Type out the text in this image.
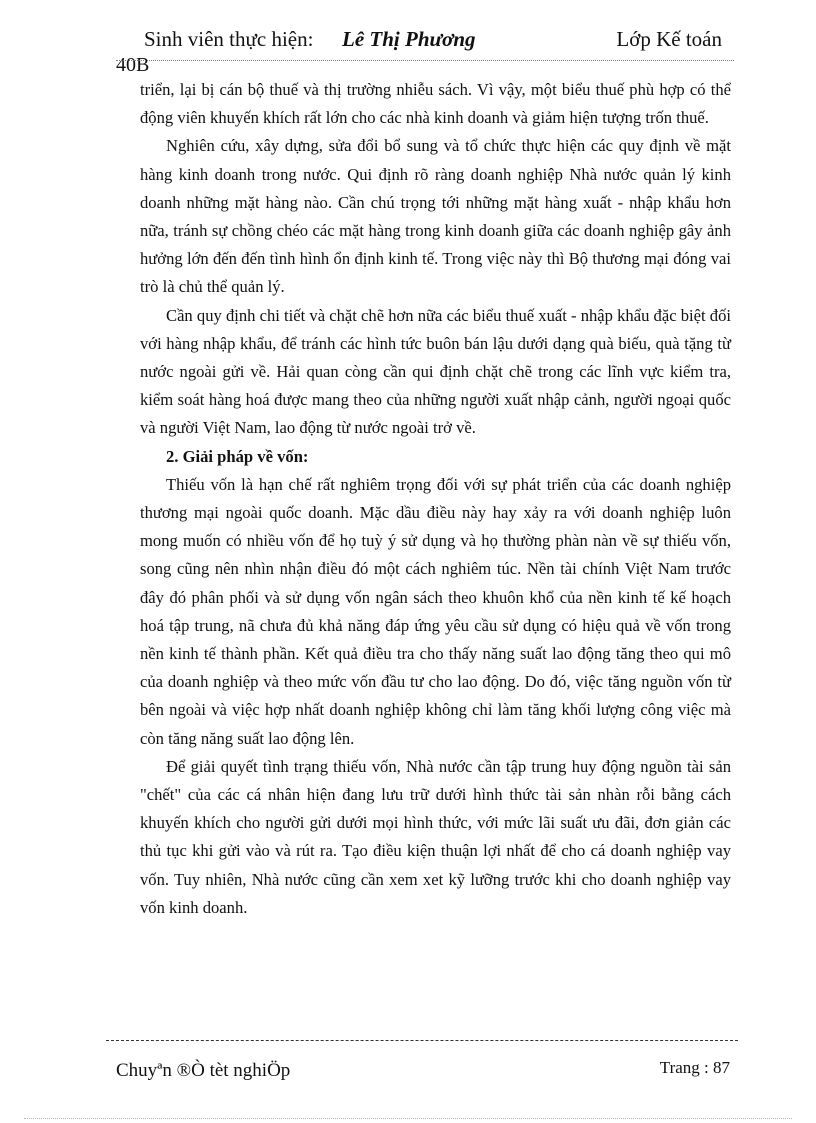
Sinh viên thực hiện: Lê Thị Phương	Lớp Kế toán
40B

triển, lại bị cán bộ thuế và thị trường nhiễu sách. Vì vậy, một biểu thuế phù hợp có thể động viên khuyến khích rất lớn cho các nhà kinh doanh và giảm hiện tượng trốn thuế.

Nghiên cứu, xây dựng, sửa đổi bổ sung và tổ chức thực hiện các quy định về mặt hàng kinh doanh trong nước. Qui định rõ ràng doanh nghiệp Nhà nước quản lý kinh doanh những mặt hàng nào. Cần chú trọng tới những mặt hàng xuất - nhập khẩu hơn nữa, tránh sự chồng chéo các mặt hàng trong kinh doanh giữa các doanh nghiệp gây ảnh hưởng lớn đến đến tình hình ổn định kinh tế. Trong việc này thì Bộ thương mại đóng vai trò là chủ thể quản lý.

Cần quy định chi tiết và chặt chẽ hơn nữa các biểu thuế xuất - nhập khẩu đặc biệt đối với hàng nhập khẩu, để tránh các hình tức buôn bán lậu dưới dạng quà biếu, quà tặng từ nước ngoài gửi về. Hải quan còng cần qui định chặt chẽ trong các lĩnh vực kiểm tra, kiểm soát hàng hoá được mang theo của những người xuất nhập cảnh, người ngoại quốc và người Việt Nam, lao động từ nước ngoài trở về.

2. Giải pháp về vốn:

Thiếu vốn là hạn chế rất nghiêm trọng đối với sự phát triển của các doanh nghiệp thương mại ngoài quốc doanh. Mặc dầu điều này hay xảy ra với doanh nghiệp luôn mong muốn có nhiều vốn để họ tuỳ ý sử dụng và họ thường phàn nàn về sự thiếu vốn, song cũng nên nhìn nhận điều đó một cách nghiêm túc. Nền tài chính Việt Nam trước đây đó phân phối và sử dụng vốn ngân sách theo khuôn khổ của nền kinh tế kế hoạch hoá tập trung, nã chưa đủ khả năng đáp ứng yêu cầu sử dụng có hiệu quả về vốn trong nền kinh tế thành phần. Kết quả điều tra cho thấy năng suất lao động tăng theo qui mô của doanh nghiệp và theo mức vốn đầu tư cho lao động. Do đó, việc tăng nguồn vốn từ bên ngoài và việc hợp nhất doanh nghiệp không chỉ làm tăng khối lượng công việc mà còn tăng năng suất lao động lên.

Để giải quyết tình trạng thiếu vốn, Nhà nước cần tập trung huy động nguồn tài sản "chết" của các cá nhân hiện đang lưu trữ dưới hình thức tài sản nhàn rỗi bằng cách khuyến khích cho người gửi dưới mọi hình thức, với mức lãi suất ưu đãi, đơn giản các thủ tục khi gửi vào và rút ra. Tạo điều kiện thuận lợi nhất để cho cá doanh nghiệp vay vốn. Tuy nhiên, Nhà nước cũng cần xem xet kỹ lưỡng trước khi cho doanh nghiệp vay vốn kinh doanh.

Chuyªn ®Ò tèt nghiÖp	Trang : 87
